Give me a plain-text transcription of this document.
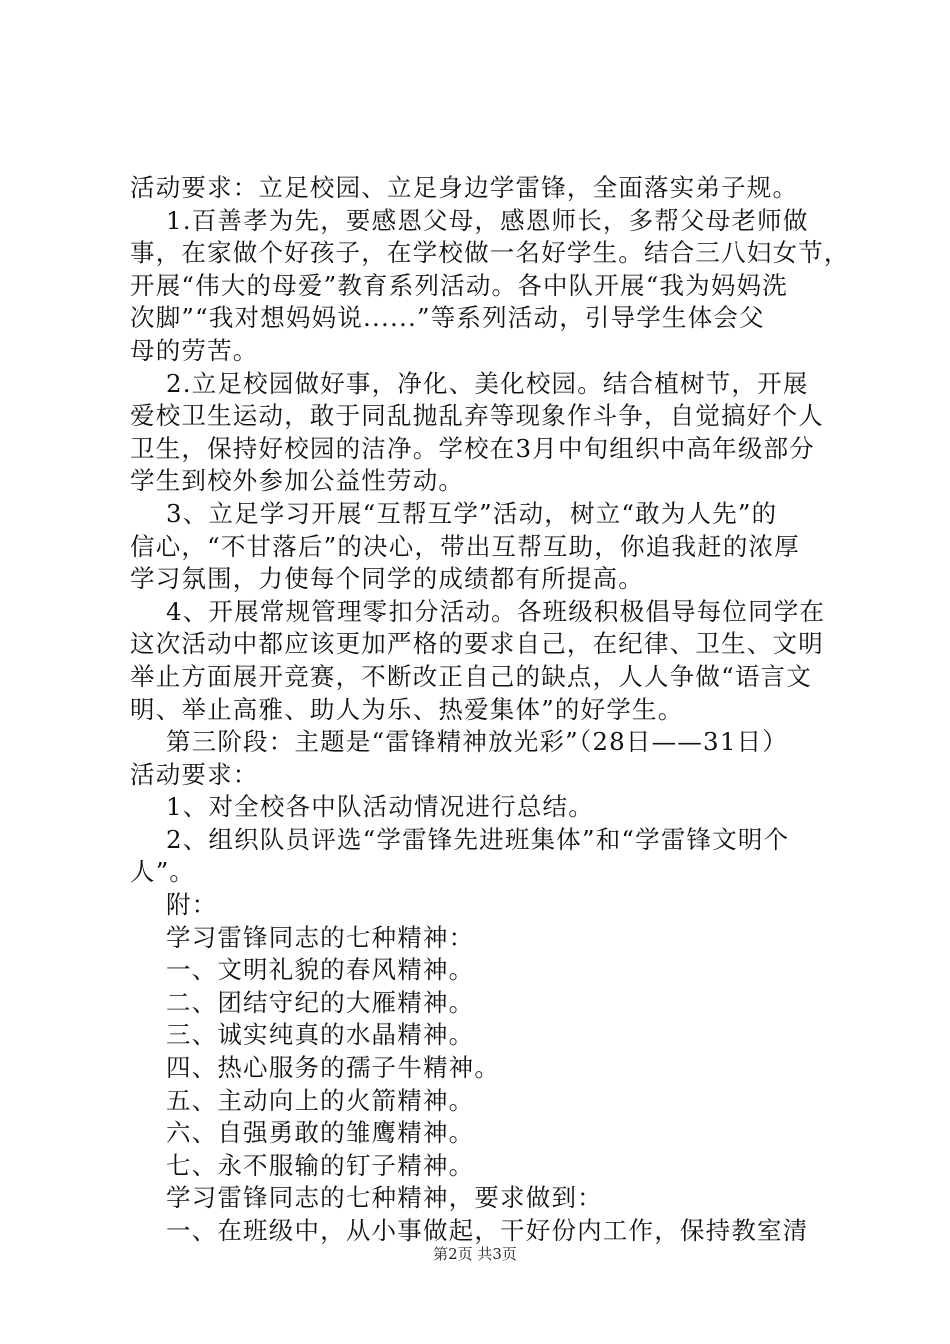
活动要求：立足校园、立足身边学雷锋，全面落实弟子规。
1.百善孝为先，要感恩父母，感恩师长，多帮父母老师做
事，在家做个好孩子，在学校做一名好学生。结合三八妇女节，
开展“伟大的母爱”教育系列活动。各中队开展“我为妈妈洗
次脚”“我对想妈妈说......”等系列活动，引导学生体会父
母的劳苦。
2.立足校园做好事，净化、美化校园。结合植树节，开展
爱校卫生运动，敢于同乱抛乱弃等现象作斗争，自觉搞好个人
卫生，保持好校园的洁净。学校在3月中旬组织中高年级部分
学生到校外参加公益性劳动。
3、立足学习开展“互帮互学”活动，树立“敢为人先”的
信心，“不甘落后”的决心，带出互帮互助，你追我赶的浓厚
学习氛围，力使每个同学的成绩都有所提高。
4、开展常规管理零扣分活动。各班级积极倡导每位同学在
这次活动中都应该更加严格的要求自己，在纪律、卫生、文明
举止方面展开竞赛，不断改正自己的缺点，人人争做“语言文
明、举止高雅、助人为乐、热爱集体”的好学生。
第三阶段：主题是“雷锋精神放光彩”（28日——31日）
活动要求：
1、对全校各中队活动情况进行总结。
2、组织队员评选“学雷锋先进班集体”和“学雷锋文明个
人”。
附：
学习雷锋同志的七种精神：
一、文明礼貌的春风精神。
二、团结守纪的大雁精神。
三、诚实纯真的水晶精神。
四、热心服务的孺子牛精神。
五、主动向上的火箭精神。
六、自强勇敢的雏鹰精神。
七、永不服输的钉子精神。
学习雷锋同志的七种精神，要求做到：
一、在班级中，从小事做起，干好份内工作，保持教室清
第2页 共3页
